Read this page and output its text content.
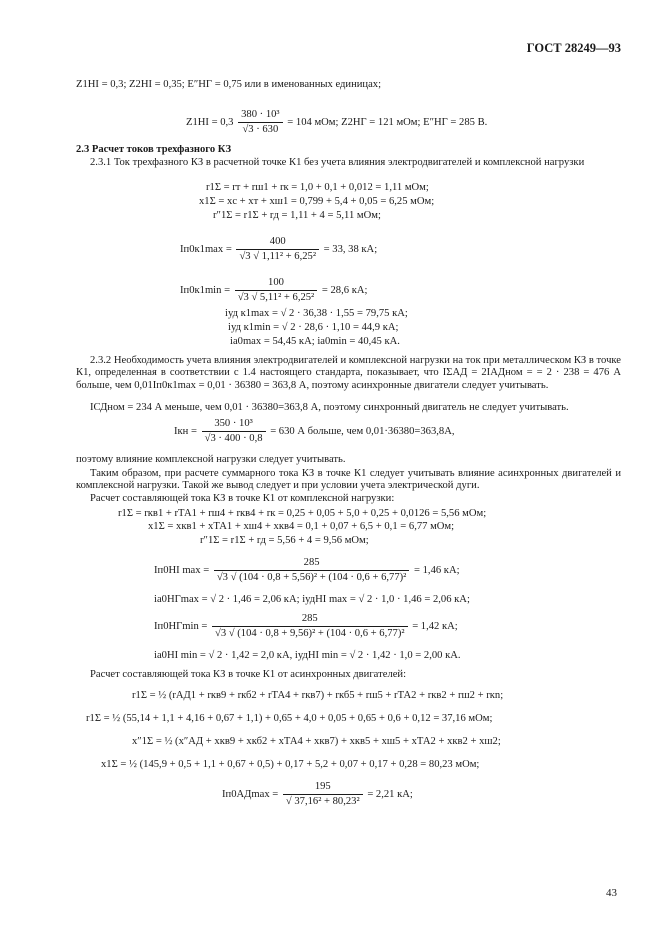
ГОСТ 28249—93
Z1НI = 0,3; Z2НI = 0,35; E″НГ = 0,75 или в именованных единицах;
$Z1НI = 0,3 \frac{\text{380 · 10³}}{√3 \cdot 630} = 104$ мОм; Z2НГ = 121 мОм; E″НГ = 285 В.
2.3 Расчет токов трехфазного КЗ
2.3.1 Ток трехфазного КЗ в расчетной точке К1 без учета влияния электродвигателей и комплексной нагрузки
r1Σ = rт + rш1 + rк = 1,0 + 0,1 + 0,012 = 1,11 мОм;
x1Σ = xс + xт + xш1 = 0,799 + 5,4 + 0,05 = 6,25 мОм;
r″1Σ = r1Σ + rд = 1,11 + 4 = 5,11 мОм;
$Iп0к1\max = \frac{400}{\text{√3 √ 1,11² + 6,25²}} = 33$, 38 кА;
$Iп0к1\min = \frac{100}{\text{√3 √ 5,11² + 6,25²}} = 28,6$ кА;
iуд к1max = √ 2 · 36,38 · 1,55 = 79,75 кА;
iуд к1min = √ 2 · 28,6 · 1,10 = 44,9 кА;
iа0max = 54,45 кА; iа0min = 40,45 кА.
2.3.2 Необходимость учета влияния электродвигателей и комплексной нагрузки на ток при металлическом КЗ в точке К1, определенная в соответствии с 1.4 настоящего стандарта, показывает, что IΣАД = 2IАДном = = 2 · 238 = 476 А больше, чем 0,01Iп0к1max = 0,01 · 36380 = 363,8 А, поэтому асинхронные двигатели следует учитывать.
IСДном = 234 А меньше, чем 0,01 · 36380=363,8 А, поэтому синхронный двигатель не следует учитывать.
Iкн = $\frac{\text{350 · 10³}}{√3 \cdot 400 \cdot 0,8} = 630$ А больше, чем 0,01·36380=363,8А,
поэтому влияние комплексной нагрузки следует учитывать.
Таким образом, при расчете суммарного тока КЗ в точке К1 следует учитывать влияние асинхронных двигателей и комплексной нагрузки. Такой же вывод следует и при условии учета электрической дуги.
Расчет составляющей тока КЗ в точке К1 от комплексной нагрузки:
r1Σ = rкв1 + rТА1 + rш4 + rкв4 + rк = 0,25 + 0,05 + 5,0 + 0,25 + 0,0126 = 5,56 мОм;
x1Σ = xкв1 + xТА1 + xш4 + xкв4 = 0,1 + 0,07 + 6,5 + 0,1 = 6,77 мОм;
r″1Σ = r1Σ + rд = 5,56 + 4 = 9,56 мОм;
Iп0НI $\max = \frac{285}{\text{√3 √ (104 · 0,8 + 5,56)² + (104 · 0,6 + 6,77)²}} = 1,46$ кА;
iа0НГmax = √ 2 · 1,46 = 2,06 кА; iудНI max = √ 2 · 1,0 · 1,46 = 2,06 кА;
$Iп0НГ\min = \frac{285}{\text{√3 √ (104 · 0,8 + 9,56)² + (104 · 0,6 + 6,77)²}} = 1,42$ кА;
iа0НI min = √ 2 · 1,42 = 2,0 кА, iудНI min = √ 2 · 1,42 · 1,0 = 2,00 кА.
Расчет составляющей тока КЗ в точке К1 от асинхронных двигателей:
r1Σ = ½ (rАД1 + rкв9 + rкб2 + rТА4 + rкв7) + rкб5 + rш5 + rТА2 + rкв2 + rш2 + rкn;
r1Σ = ½ (55,14 + 1,1 + 4,16 + 0,67 + 1,1) + 0,65 + 4,0 + 0,05 + 0,65 + 0,6 + 0,12 = 37,16 мОм;
x″1Σ = ½ (x″АД + xкв9 + xкб2 + xТА4 + xкв7) + xкв5 + xш5 + xТА2 + xкв2 + xш2;
x1Σ = ½ (145,9 + 0,5 + 1,1 + 0,67 + 0,5) + 0,17 + 5,2 + 0,07 + 0,17 + 0,28 = 80,23 мОм;
$Iп0АД\max = \frac{195}{\text{√ 37,16² + 80,23²}} = 2,21$ кА;
43
